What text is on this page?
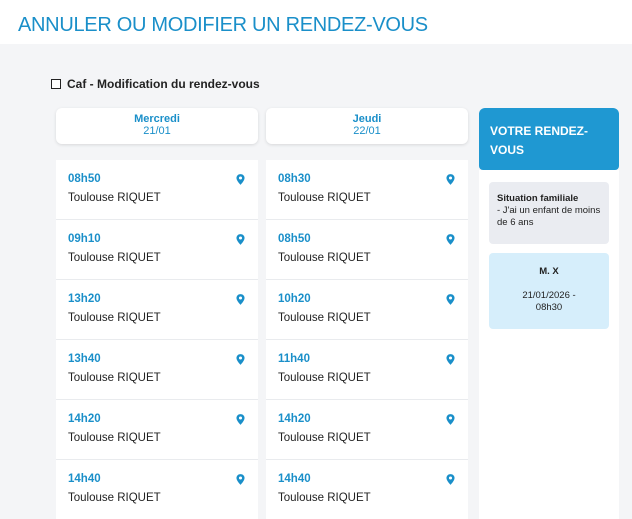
ANNULER OU MODIFIER UN RENDEZ-VOUS
Caf - Modification du rendez-vous
Mercredi
21/01
08h50
Toulouse RIQUET
09h10
Toulouse RIQUET
13h20
Toulouse RIQUET
13h40
Toulouse RIQUET
14h20
Toulouse RIQUET
14h40
Toulouse RIQUET
Jeudi
22/01
08h30
Toulouse RIQUET
08h50
Toulouse RIQUET
10h20
Toulouse RIQUET
11h40
Toulouse RIQUET
14h20
Toulouse RIQUET
14h40
Toulouse RIQUET
VOTRE RENDEZ-VOUS
Situation familiale
- J'ai un enfant de moins de 6 ans
M. X
21/01/2026 - 08h30
